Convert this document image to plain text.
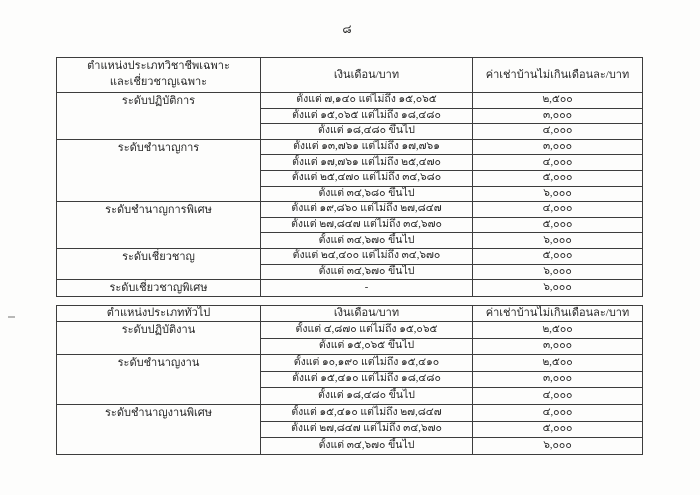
๘
ตำแหน่งประเภทวิชาชีพเฉพาะ
และเชี่ยวชาญเฉพาะ	เงินเดือน/บาท	ค่าเช่าบ้านไม่เกินเดือนละ/บาท
ระดับปฏิบัติการ	ตั้งแต่ ๗,๑๔๐ แต่ไม่ถึง ๑๕,๐๖๕	๒,๕๐๐
	ตั้งแต่ ๑๕,๐๖๕ แต่ไม่ถึง ๑๘,๔๘๐	๓,๐๐๐
	ตั้งแต่ ๑๘,๔๘๐ ขึ้นไป	๔,๐๐๐
ระดับชำนาญการ	ตั้งแต่ ๑๓,๗๖๑ แต่ไม่ถึง ๑๗,๗๖๑	๓,๐๐๐
	ตั้งแต่ ๑๗,๗๖๑ แต่ไม่ถึง ๒๕,๔๗๐	๔,๐๐๐
	ตั้งแต่ ๒๕,๔๗๐ แต่ไม่ถึง ๓๔,๖๘๐	๕,๐๐๐
	ตั้งแต่ ๓๔,๖๘๐ ขึ้นไป	๖,๐๐๐
ระดับชำนาญการพิเศษ	ตั้งแต่ ๑๙,๘๖๐ แต่ไม่ถึง ๒๗,๘๔๗	๔,๐๐๐
	ตั้งแต่ ๒๗,๘๔๗ แต่ไม่ถึง ๓๔,๖๗๐	๕,๐๐๐
	ตั้งแต่ ๓๔,๖๗๐ ขึ้นไป	๖,๐๐๐
ระดับเชี่ยวชาญ	ตั้งแต่ ๒๔,๔๐๐ แต่ไม่ถึง ๓๔,๖๗๐	๕,๐๐๐
	ตั้งแต่ ๓๔,๖๗๐ ขึ้นไป	๖,๐๐๐
ระดับเชี่ยวชาญพิเศษ	-	๖,๐๐๐
ตำแหน่งประเภททั่วไป	เงินเดือน/บาท	ค่าเช่าบ้านไม่เกินเดือนละ/บาท
ระดับปฏิบัติงาน	ตั้งแต่ ๔,๘๗๐ แต่ไม่ถึง ๑๕,๐๖๕	๒,๕๐๐
	ตั้งแต่ ๑๕,๐๖๕ ขึ้นไป	๓,๐๐๐
ระดับชำนาญงาน	ตั้งแต่ ๑๐,๑๙๐ แต่ไม่ถึง ๑๕,๔๑๐	๒,๕๐๐
	ตั้งแต่ ๑๕,๔๑๐ แต่ไม่ถึง ๑๘,๔๘๐	๓,๐๐๐
	ตั้งแต่ ๑๘,๔๘๐ ขึ้นไป	๔,๐๐๐
ระดับชำนาญงานพิเศษ	ตั้งแต่ ๑๕,๔๑๐ แต่ไม่ถึง ๒๗,๘๔๗	๔,๐๐๐
	ตั้งแต่ ๒๗,๘๔๗ แต่ไม่ถึง ๓๔,๖๗๐	๕,๐๐๐
	ตั้งแต่ ๓๔,๖๗๐ ขึ้นไป	๖,๐๐๐
